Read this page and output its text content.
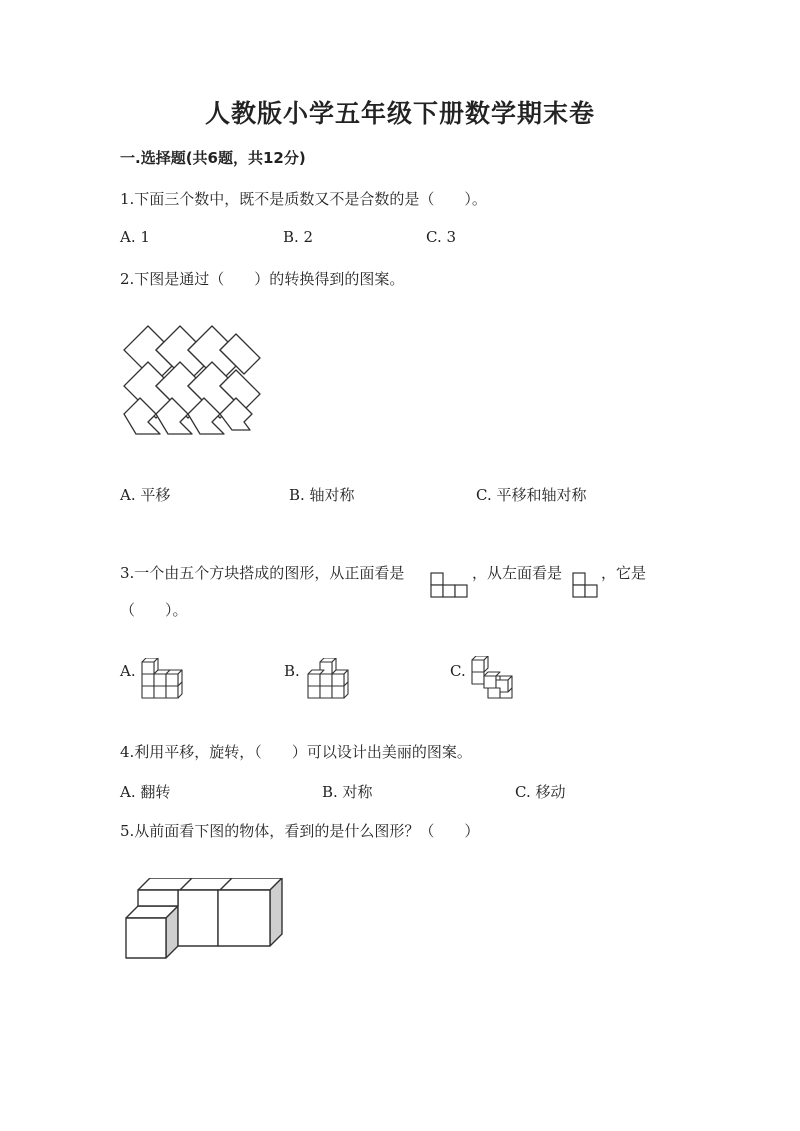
人教版小学五年级下册数学期末卷
一.选择题(共6题，共12分)
1.下面三个数中，既不是质数又不是合数的是（　　）。
A. 1	B. 2	C. 3
2.下图是通过（　　）的转换得到的图案。
A. 平移	B. 轴对称	C. 平移和轴对称
3.一个由五个方块搭成的图形，从正面看是	，从左面看是	，它是
（　　）。
A.	B.	C.
4.利用平移，旋转，（　　）可以设计出美丽的图案。
A. 翻转	B. 对称	C. 移动
5.从前面看下图的物体，看到的是什么图形？（　　）
